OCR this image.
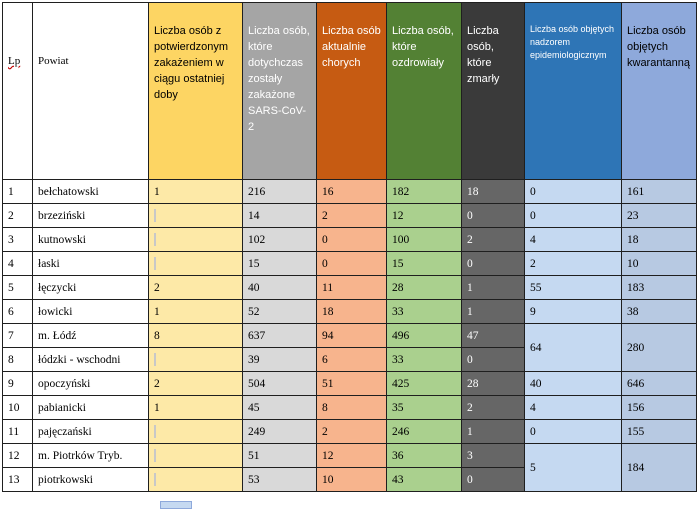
Lp	Powiat	Liczba osób z potwierdzonym zakażeniem w ciągu ostatniej doby	Liczba osób, które dotychczas zostały zakażone SARS-CoV-2	Liczba osób aktualnie chorych	Liczba osób, które ozdrowiały	Liczba osób, które zmarły	Liczba osób objętych nadzorem epidemiologicznym	Liczba osób objętych kwarantanną
1	bełchatowski	1	216	16	182	18	0	161
2	brzeziński		14	2	12	0	0	23
3	kutnowski		102	0	100	2	4	18
4	łaski		15	0	15	0	2	10
5	łęczycki	2	40	11	28	1	55	183
6	łowicki	1	52	18	33	1	9	38
7	m. Łódź	8	637	94	496	47	64	280
8	łódzki - wschodni		39	6	33	0		
9	opoczyński	2	504	51	425	28	40	646
10	pabianicki	1	45	8	35	2	4	156
11	pajęczański		249	2	246	1	0	155
12	m. Piotrków Tryb.		51	12	36	3	5	184
13	piotrkowski		53	10	43	0		
